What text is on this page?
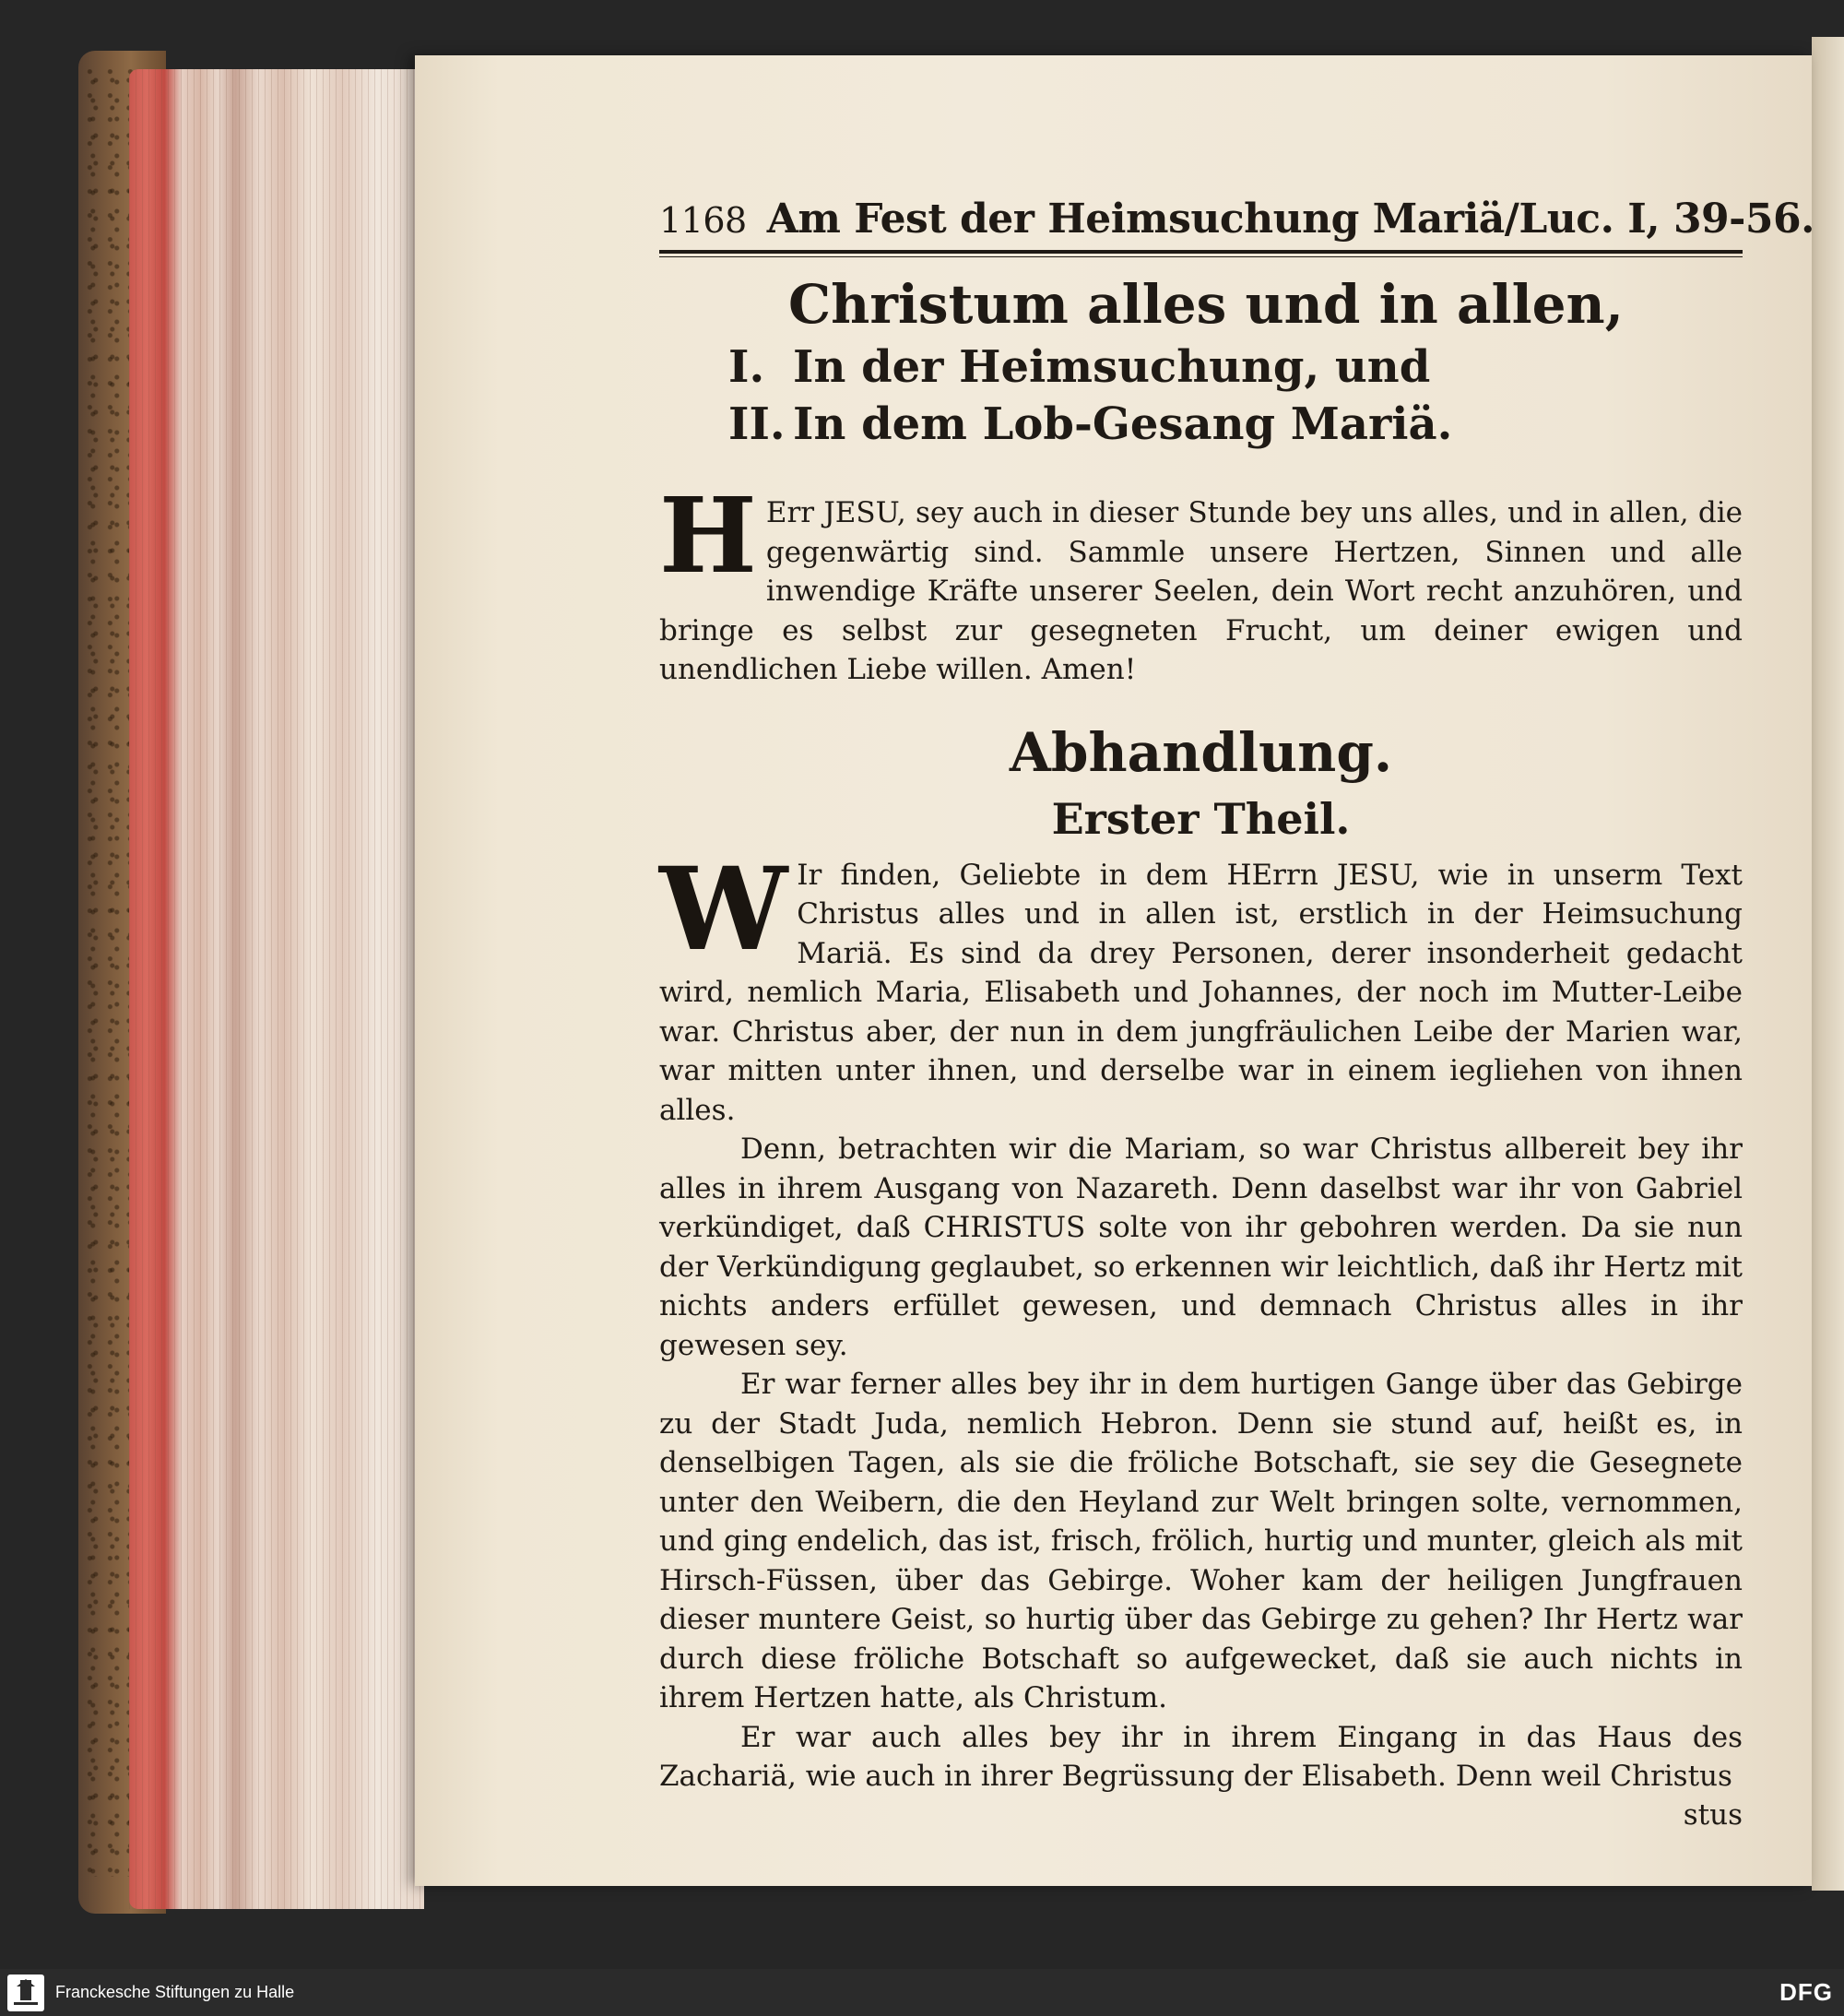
1168 Am Fest der Heimsuchung Mariä/Luc. I, 39-56.
Christum alles und in allen,
I. In der Heimsuchung, und
II. In dem Lob-Gesang Mariä.
H Err JESU, sey auch in dieser Stunde bey uns alles, und in allen, die gegenwärtig sind. Sammle unsere Hertzen, Sinnen und alle inwendige Kräfte unserer Seelen, dein Wort recht anzuhören, und bringe es selbst zur gesegneten Frucht, um deiner ewigen und unendlichen Liebe willen. Amen!
Abhandlung.
Erster Theil.
W Ir finden, Geliebte in dem HErrn JESU, wie in unserm Text Christus alles und in allen ist, erstlich in der Heimsuchung Mariä. Es sind da drey Personen, derer insonderheit gedacht wird, nemlich Maria, Elisabeth und Johannes, der noch im Mutter-Leibe war. Christus aber, der nun in dem jungfräulichen Leibe der Marien war, war mitten unter ihnen, und derselbe war in einem iegliehen von ihnen alles.
Denn, betrachten wir die Mariam, so war Christus allbereit bey ihr alles in ihrem Ausgang von Nazareth. Denn daselbst war ihr von Gabriel verkündiget, daß CHRISTUS solte von ihr gebohren werden. Da sie nun der Verkündigung geglaubet, so erkennen wir leichtlich, daß ihr Hertz mit nichts anders erfüllet gewesen, und demnach Christus alles in ihr gewesen sey.
Er war ferner alles bey ihr in dem hurtigen Gange über das Gebirge zu der Stadt Juda, nemlich Hebron. Denn sie stund auf, heißt es, in denselbigen Tagen, als sie die fröliche Botschaft, sie sey die Gesegnete unter den Weibern, die den Heyland zur Welt bringen solte, vernommen, und ging endelich, das ist, frisch, frölich, hurtig und munter, gleich als mit Hirsch-Füssen, über das Gebirge. Woher kam der heiligen Jungfrauen dieser muntere Geist, so hurtig über das Gebirge zu gehen? Ihr Hertz war durch diese fröliche Botschaft so aufgewecket, daß sie auch nichts in ihrem Hertzen hatte, als Christum.
Er war auch alles bey ihr in ihrem Eingang in das Haus des Zachariä, wie auch in ihrer Begrüssung der Elisabeth. Denn weil Christus
stus
Franckesche Stiftungen zu Halle	DFG
